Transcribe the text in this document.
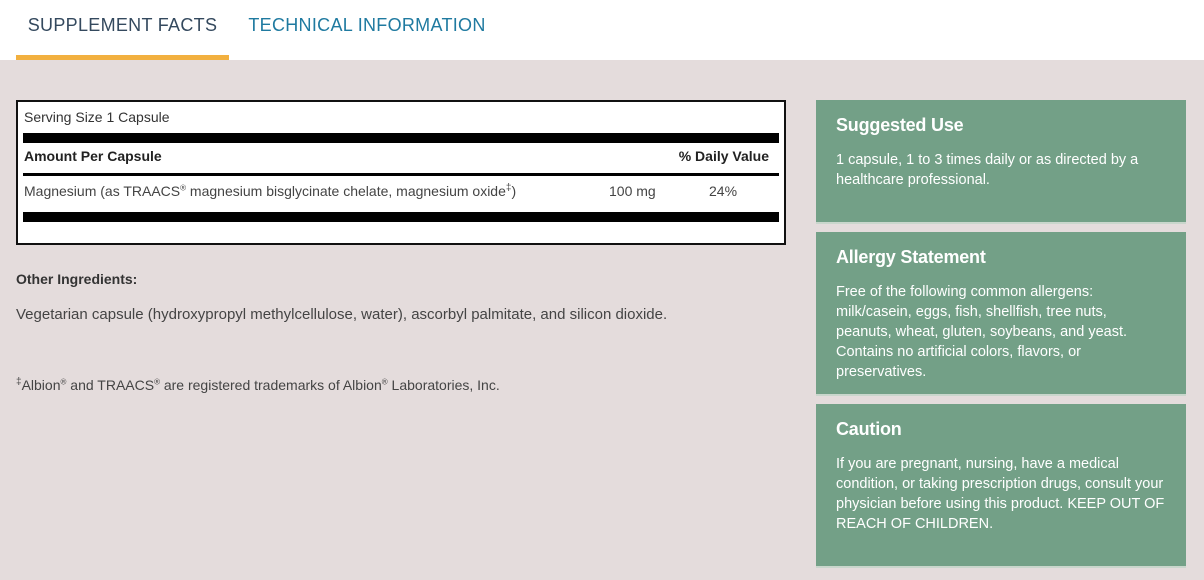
SUPPLEMENT FACTS	TECHNICAL INFORMATION
Serving Size 1 Capsule
Amount Per Capsule	% Daily Value
Magnesium (as TRAACS® magnesium bisglycinate chelate, magnesium oxide‡)	100 mg	24%
Other Ingredients:
Vegetarian capsule (hydroxypropyl methylcellulose, water), ascorbyl palmitate, and silicon dioxide.
‡Albion® and TRAACS® are registered trademarks of Albion® Laboratories, Inc.
Suggested Use

1 capsule, 1 to 3 times daily or as directed by a healthcare professional.

Allergy Statement

Free of the following common allergens: milk/casein, eggs, fish, shellfish, tree nuts, peanuts, wheat, gluten, soybeans, and yeast. Contains no artificial colors, flavors, or preservatives.

Caution

If you are pregnant, nursing, have a medical condition, or taking prescription drugs, consult your physician before using this product. KEEP OUT OF REACH OF CHILDREN.
